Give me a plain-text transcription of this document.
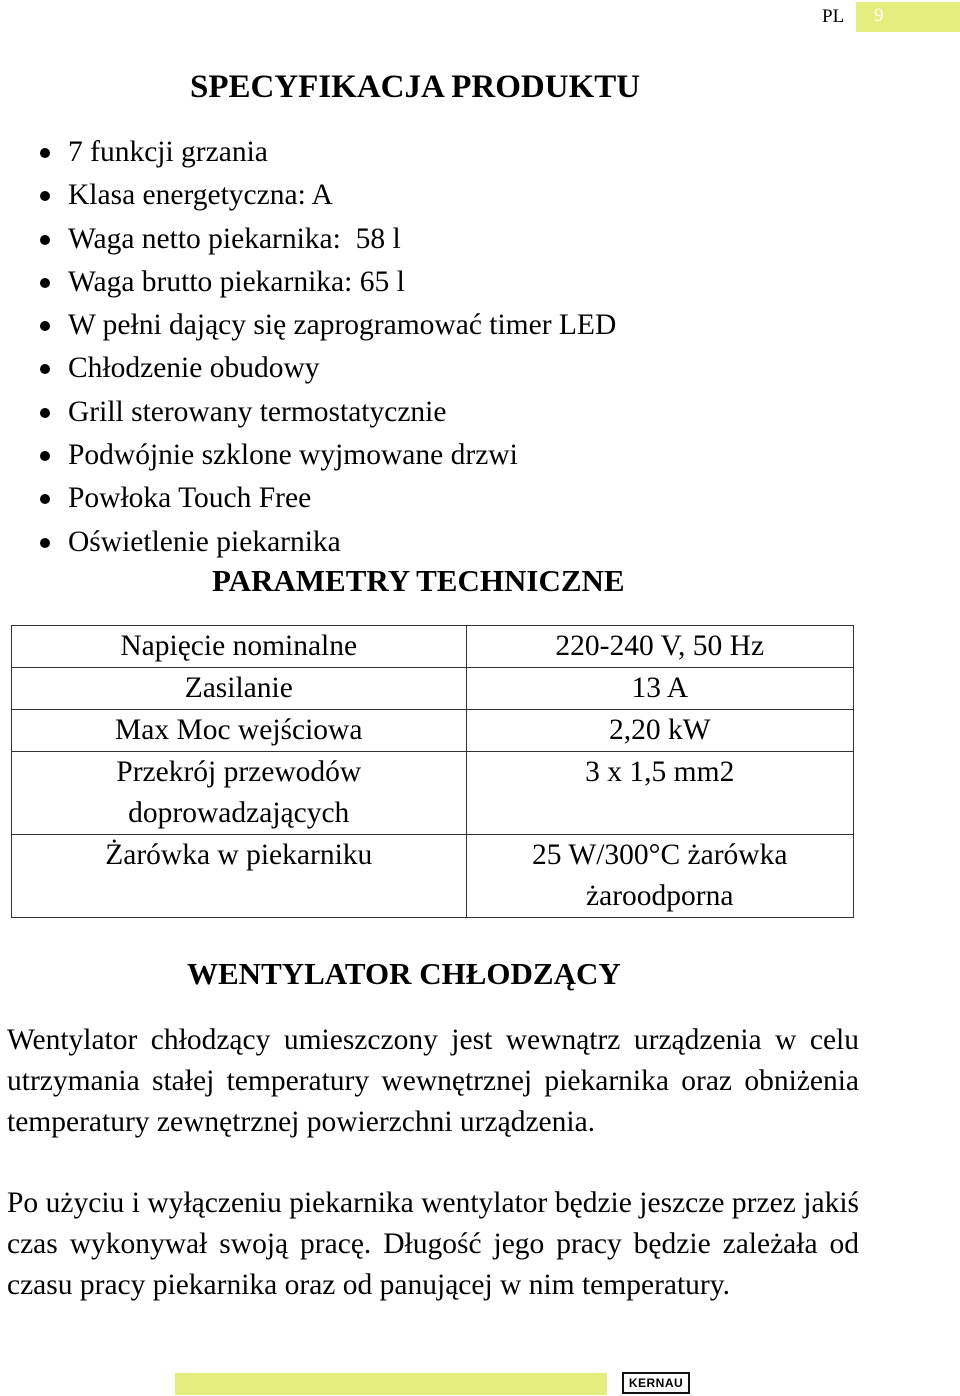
PL 9
SPECYFIKACJA PRODUKTU
7 funkcji grzania
Klasa energetyczna: A
Waga netto piekarnika:  58 l
Waga brutto piekarnika: 65 l
W pełni dający się zaprogramować timer LED
Chłodzenie obudowy
Grill sterowany termostatycznie
Podwójnie szklone wyjmowane drzwi
Powłoka Touch Free
Oświetlenie piekarnika
PARAMETRY TECHNICZNE
Napięcie nominalne	220-240 V, 50 Hz
Zasilanie	13 A
Max Moc wejściowa	2,20 kW
Przekrój przewodów doprowadzających	3 x 1,5 mm2
Żarówka w piekarniku	25 W/300°C żarówka żaroodporna
WENTYLATOR CHŁODZĄCY

Wentylator chłodzący umieszczony jest wewnątrz urządzenia w celu utrzymania stałej temperatury wewnętrznej piekarnika oraz obniżenia temperatury zewnętrznej powierzchni urządzenia.

Po użyciu i wyłączeniu piekarnika wentylator będzie jeszcze przez jakiś czas wykonywał swoją pracę. Długość jego pracy będzie zależała od czasu pracy piekarnika oraz od panującej w nim temperatury.

KERNAU
